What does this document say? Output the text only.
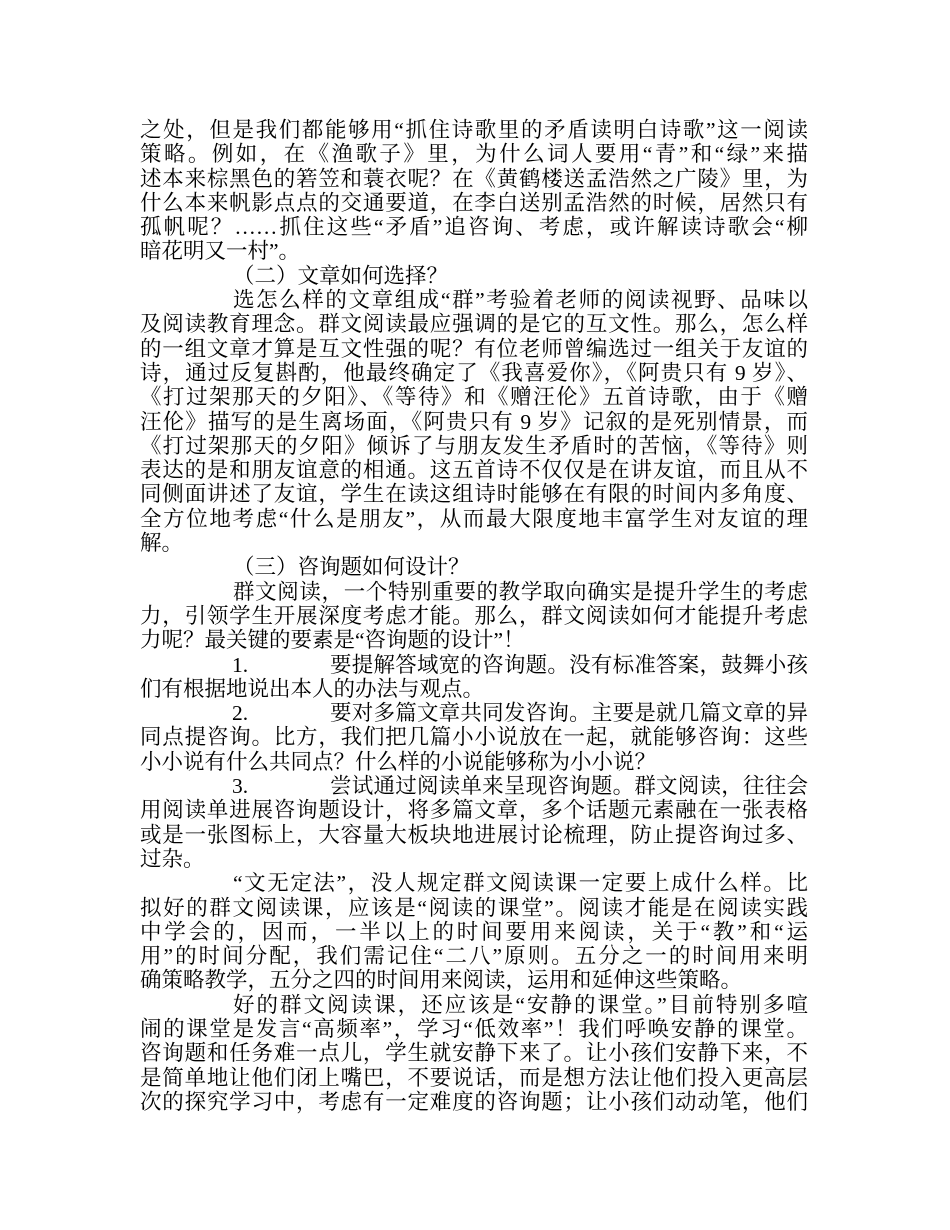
之处，但是我们都能够用“抓住诗歌里的矛盾读明白诗歌”这一阅读
策略。例如，在《渔歌子》里，为什么词人要用“青”和“绿”来描
述本来棕黑色的箬笠和蓑衣呢？在《黄鹤楼送孟浩然之广陵》里，为
什么本来帆影点点的交通要道，在李白送别孟浩然的时候，居然只有
孤帆呢？……抓住这些“矛盾”追咨询、考虑，或许解读诗歌会“柳
暗花明又一村”。
（二）文章如何选择？
选怎么样的文章组成“群”考验着老师的阅读视野、品味以
及阅读教育理念。群文阅读最应强调的是它的互文性。那么，怎么样
的一组文章才算是互文性强的呢？有位老师曾编选过一组关于友谊的
诗，通过反复斟酌，他最终确定了《我喜爱你》，《阿贵只有 9 岁》、
《打过架那天的夕阳》、《等待》和《赠汪伦》五首诗歌，由于《赠
汪伦》描写的是生离场面，《阿贵只有 9 岁》记叙的是死别情景，而
《打过架那天的夕阳》倾诉了与朋友发生矛盾时的苦恼，《等待》则
表达的是和朋友谊意的相通。这五首诗不仅仅是在讲友谊，而且从不
同侧面讲述了友谊，学生在读这组诗时能够在有限的时间内多角度、
全方位地考虑“什么是朋友”，从而最大限度地丰富学生对友谊的理
解。
（三）咨询题如何设计？
群文阅读，一个特别重要的教学取向确实是提升学生的考虑
力，引领学生开展深度考虑才能。那么，群文阅读如何才能提升考虑
力呢？最关键的要素是“咨询题的设计”！
1.	要提解答域宽的咨询题。没有标准答案，鼓舞小孩
们有根据地说出本人的办法与观点。
2.	要对多篇文章共同发咨询。主要是就几篇文章的异
同点提咨询。比方，我们把几篇小小说放在一起，就能够咨询：这些
小小说有什么共同点？什么样的小说能够称为小小说？
3.	尝试通过阅读单来呈现咨询题。群文阅读，往往会
用阅读单进展咨询题设计，将多篇文章，多个话题元素融在一张表格
或是一张图标上，大容量大板块地进展讨论梳理，防止提咨询过多、
过杂。
“文无定法”，没人规定群文阅读课一定要上成什么样。比
拟好的群文阅读课，应该是“阅读的课堂”。阅读才能是在阅读实践
中学会的，因而，一半以上的时间要用来阅读，关于“教”和“运
用”的时间分配，我们需记住“二八”原则。五分之一的时间用来明
确策略教学，五分之四的时间用来阅读，运用和延伸这些策略。
好的群文阅读课，还应该是“安静的课堂。”目前特别多喧
闹的课堂是发言“高频率”，学习“低效率”！我们呼唤安静的课堂。
咨询题和任务难一点儿，学生就安静下来了。让小孩们安静下来，不
是简单地让他们闭上嘴巴，不要说话，而是想方法让他们投入更高层
次的探究学习中，考虑有一定难度的咨询题；让小孩们动动笔，他们
